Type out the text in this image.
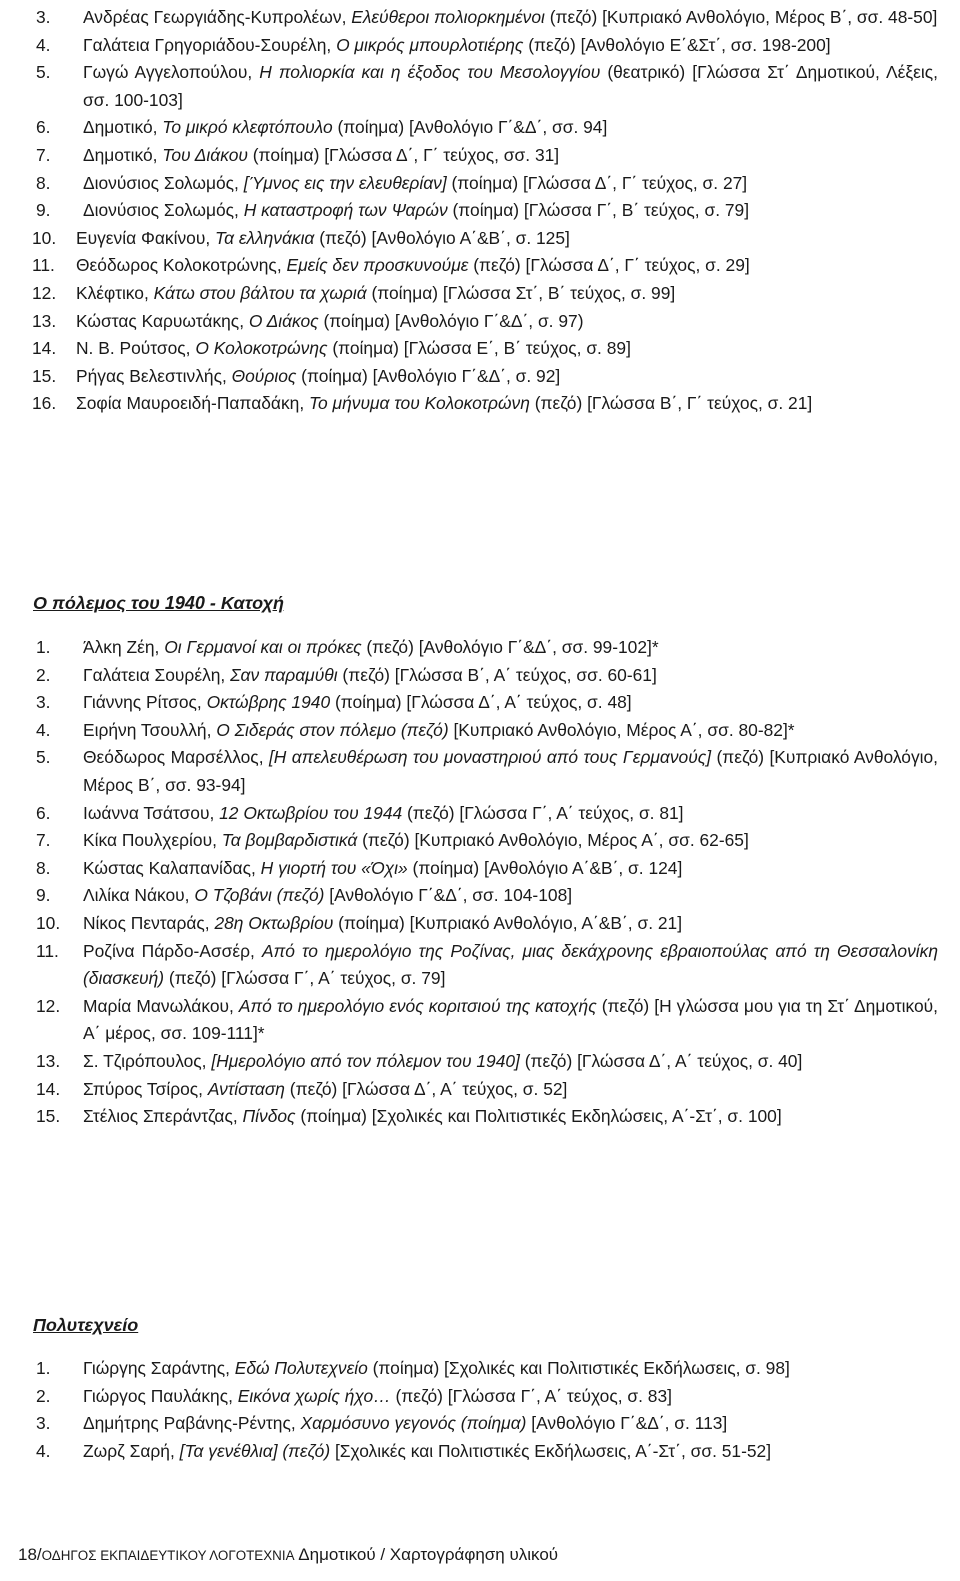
3.	Ανδρέας Γεωργιάδης-Κυπρολέων, Ελεύθεροι πολιορκημένοι (πεζό) [Κυπριακό Ανθολόγιο, Μέρος Β΄, σσ. 48-50]
4.	Γαλάτεια Γρηγοριάδου-Σουρέλη, Ο μικρός μπουρλοτιέρης (πεζό) [Ανθολόγιο Ε΄&Στ΄, σσ. 198-200]
5.	Γωγώ Αγγελοπούλου, Η πολιορκία και η έξοδος του Μεσολογγίου (θεατρικό) [Γλώσσα Στ΄ Δημοτικού, Λέξεις, σσ. 100-103]
6.	Δημοτικό, Το μικρό κλεφτόπουλο (ποίημα) [Ανθολόγιο Γ΄&Δ΄, σσ. 94]
7.	Δημοτικό, Του Διάκου (ποίημα) [Γλώσσα Δ΄, Γ΄ τεύχος, σσ. 31]
8.	Διονύσιος Σολωμός, [Ύμνος εις την ελευθερίαν] (ποίημα) [Γλώσσα Δ΄, Γ΄ τεύχος, σ. 27]
9.	Διονύσιος Σολωμός, Η καταστροφή των Ψαρών (ποίημα) [Γλώσσα Γ΄, Β΄ τεύχος, σ. 79]
10.	Ευγενία Φακίνου, Τα ελληνάκια (πεζό) [Ανθολόγιο Α΄&Β΄, σ. 125]
11.	Θεόδωρος Κολοκοτρώνης, Εμείς δεν προσκυνούμε (πεζό) [Γλώσσα Δ΄, Γ΄ τεύχος, σ. 29]
12.	Κλέφτικο, Κάτω στου βάλτου τα χωριά (ποίημα) [Γλώσσα Στ΄, Β΄ τεύχος, σ. 99]
13.	Κώστας Καρυωτάκης, Ο Διάκος (ποίημα) [Ανθολόγιο Γ΄&Δ΄, σ. 97)
14.	Ν. Β. Ρούτσος, Ο Κολοκοτρώνης (ποίημα) [Γλώσσα Ε΄, Β΄ τεύχος, σ. 89]
15.	Ρήγας Βελεστινλής, Θούριος (ποίημα) [Ανθολόγιο Γ΄&Δ΄, σ. 92]
16.	Σοφία Μαυροειδή-Παπαδάκη, Το μήνυμα του Κολοκοτρώνη (πεζό) [Γλώσσα Β΄, Γ΄ τεύχος, σ. 21]
Ο πόλεμος του 1940 - Κατοχή
1.	Άλκη Ζέη, Οι Γερμανοί και οι πρόκες (πεζό) [Ανθολόγιο Γ΄&Δ΄, σσ. 99-102]*
2.	Γαλάτεια Σουρέλη, Σαν παραμύθι (πεζό) [Γλώσσα Β΄, Α΄ τεύχος, σσ. 60-61]
3.	Γιάννης Ρίτσος, Οκτώβρης 1940 (ποίημα) [Γλώσσα Δ΄, Α΄ τεύχος, σ. 48]
4.	Ειρήνη Τσουλλή, Ο Σιδεράς στον πόλεμο (πεζό) [Κυπριακό Ανθολόγιο, Μέρος Α΄, σσ. 80-82]*
5.	Θεόδωρος Μαρσέλλος, [Η απελευθέρωση του μοναστηριού από τους Γερμανούς] (πεζό) [Κυπριακό Ανθολόγιο, Μέρος Β΄, σσ. 93-94]
6.	Ιωάννα Τσάτσου, 12 Οκτωβρίου του 1944 (πεζό) [Γλώσσα Γ΄, Α΄ τεύχος, σ. 81]
7.	Κίκα Πουλχερίου, Τα βομβαρδιστικά (πεζό) [Κυπριακό Ανθολόγιο, Μέρος Α΄, σσ. 62-65]
8.	Κώστας Καλαπανίδας, Η γιορτή του «Όχι» (ποίημα) [Ανθολόγιο Α΄&Β΄, σ. 124]
9.	Λιλίκα Νάκου, Ο Τζοβάνι (πεζό) [Ανθολόγιο Γ΄&Δ΄, σσ. 104-108]
10.	Νίκος Πενταράς, 28η Οκτωβρίου (ποίημα) [Κυπριακό Ανθολόγιο, Α΄&Β΄, σ. 21]
11.	Ροζίνα Πάρδο-Ασσέρ, Από το ημερολόγιο της Ροζίνας, μιας δεκάχρονης εβραιοπούλας από τη Θεσσαλονίκη (διασκευή) (πεζό) [Γλώσσα Γ΄, Α΄ τεύχος, σ. 79]
12.	Μαρία Μανωλάκου, Από το ημερολόγιο ενός κοριτσιού της κατοχής (πεζό) [Η γλώσσα μου για τη Στ΄ Δημοτικού, Α΄ μέρος, σσ. 109-111]*
13.	Σ. Τζιρόπουλος, [Ημερολόγιο από τον πόλεμον του 1940] (πεζό) [Γλώσσα Δ΄, Α΄ τεύχος, σ. 40]
14.	Σπύρος Τσίρος, Αντίσταση (πεζό) [Γλώσσα Δ΄, Α΄ τεύχος, σ. 52]
15.	Στέλιος Σπεράντζας, Πίνδος (ποίημα) [Σχολικές και Πολιτιστικές Εκδηλώσεις, Α΄-Στ΄, σ. 100]
Πολυτεχνείο
1.	Γιώργης Σαράντης, Εδώ Πολυτεχνείο (ποίημα) [Σχολικές και Πολιτιστικές Εκδήλωσεις, σ. 98]
2.	Γιώργος Παυλάκης, Εικόνα χωρίς ήχο… (πεζό) [Γλώσσα Γ΄, Α΄ τεύχος, σ. 83]
3.	Δημήτρης Ραβάνης-Ρέντης, Χαρμόσυνο γεγονός (ποίημα) [Ανθολόγιο Γ΄&Δ΄, σ. 113]
4.	Ζωρζ Σαρή, [Τα γενέθλια] (πεζό) [Σχολικές και Πολιτιστικές Εκδήλωσεις, Α΄-Στ΄, σσ. 51-52]
18/ΟΔΗΓΟΣ ΕΚΠΑΙΔΕΥΤΙΚΟΥ ΛΟΓΟΤΕΧΝΙΑ Δημοτικού / Χαρτογράφηση υλικού
